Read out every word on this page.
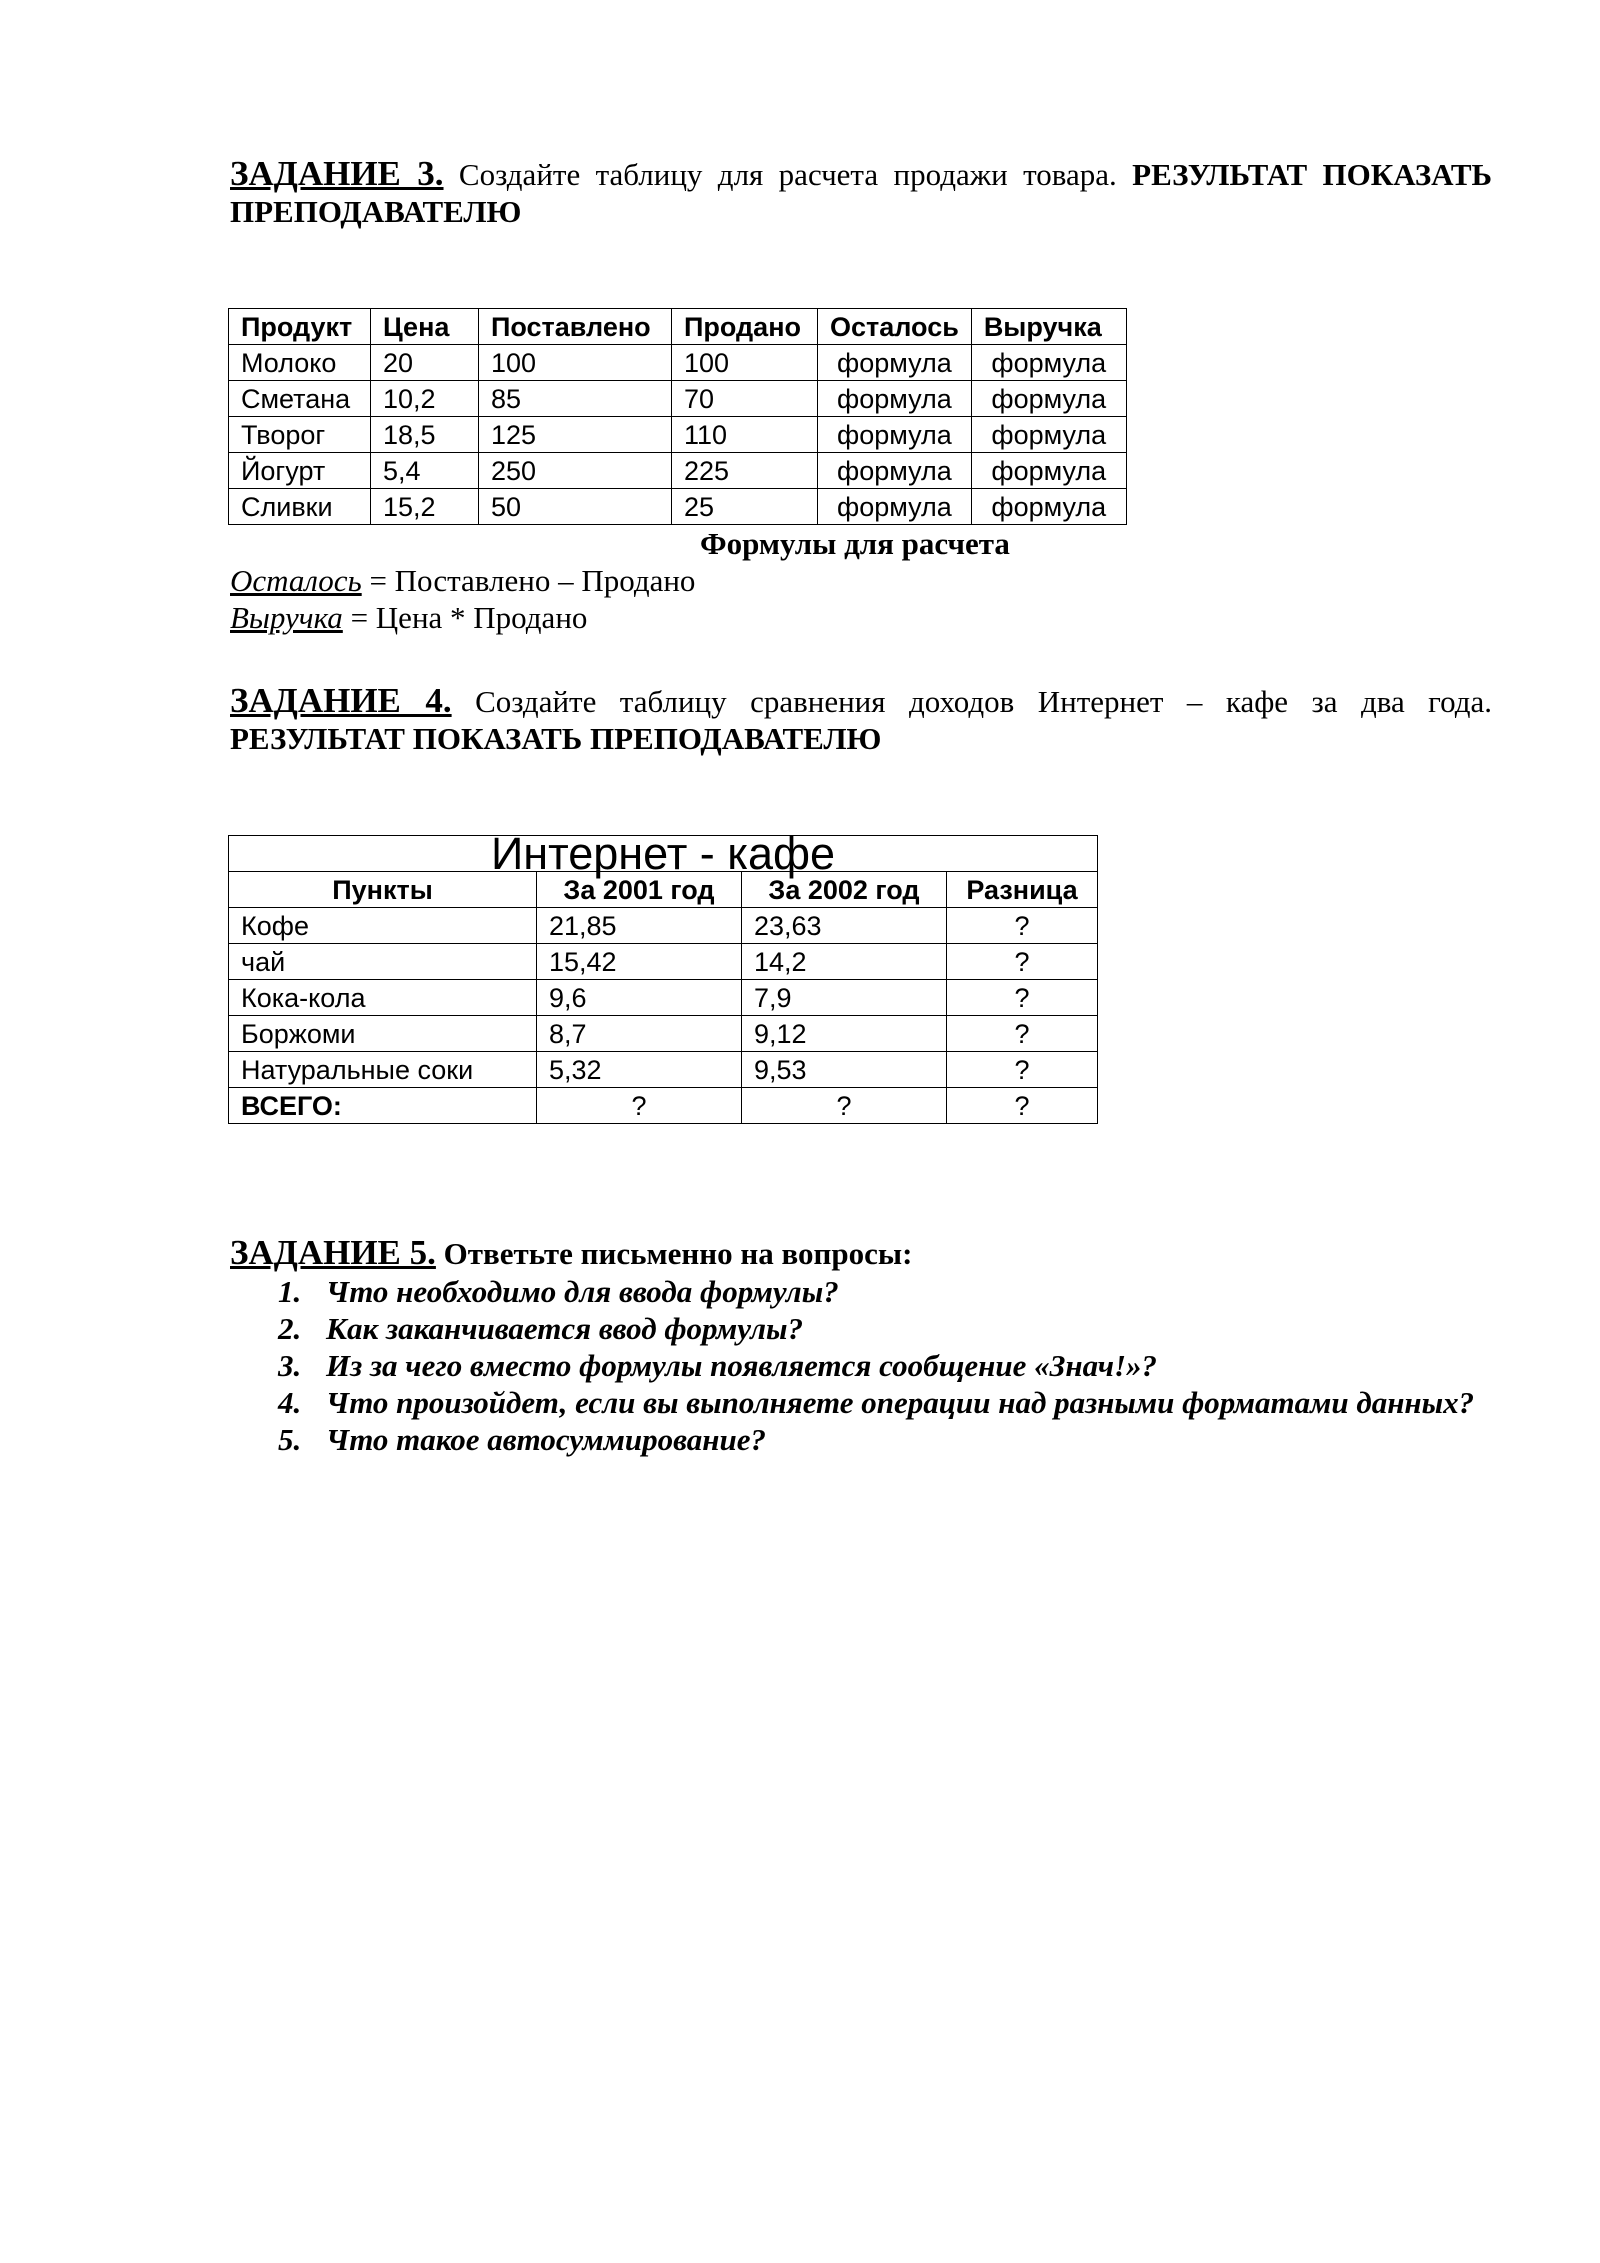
ЗАДАНИЕ 3. Создайте таблицу для расчета продажи товара. РЕЗУЛЬТАТ ПОКАЗАТЬ ПРЕПОДАВАТЕЛЮ
Продукт	Цена	Поставлено	Продано	Осталось	Выручка
Молоко	20	100	100	формула	формула
Сметана	10,2	85	70	формула	формула
Творог	18,5	125	110	формула	формула
Йогурт	5,4	250	225	формула	формула
Сливки	15,2	50	25	формула	формула
Формулы для расчета
Осталось = Поставлено – Продано
Выручка = Цена * Продано
ЗАДАНИЕ 4. Создайте таблицу сравнения доходов Интернет – кафе за два года. РЕЗУЛЬТАТ ПОКАЗАТЬ ПРЕПОДАВАТЕЛЮ
Интернет - кафе			
Пункты	За 2001 год	За 2002 год	Разница
Кофе	21,85	23,63	?
чай	15,42	14,2	?
Кока-кола	9,6	7,9	?
Боржоми	8,7	9,12	?
Натуральные соки	5,32	9,53	?
ВСЕГО:	?	?	?
ЗАДАНИЕ 5. Ответьте письменно на вопросы:
1. Что необходимо для ввода формулы?
2. Как заканчивается ввод формулы?
3. Из за чего вместо формулы появляется сообщение «Знач!»?
4. Что произойдет, если вы выполняете операции над разными форматами данных?
5. Что такое автосуммирование?
